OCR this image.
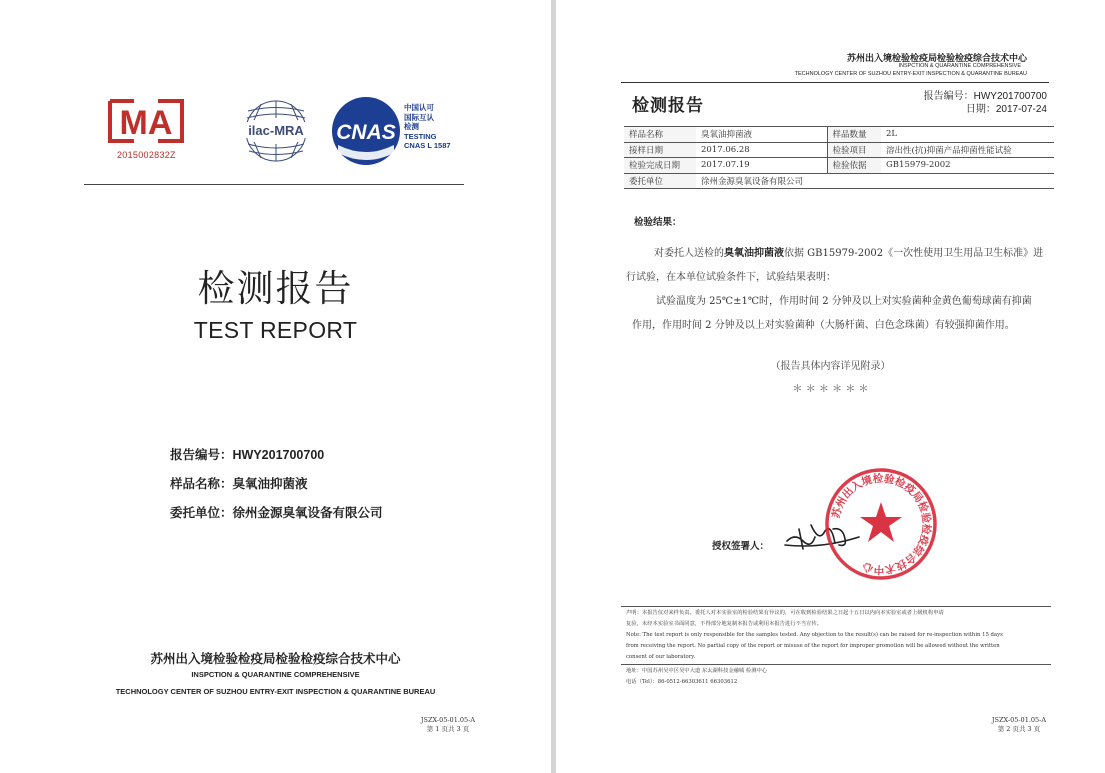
MA
2015002832Z
ilac-MRA CNAS
中国认可
国际互认
检测
TESTING
CNAS L 1587
检测报告
TEST REPORT
报告编号：HWY201700700
样品名称：臭氧油抑菌液
委托单位：徐州金源臭氧设备有限公司
苏州出入境检验检疫局检验检疫综合技术中心
INSPCTION & QUARANTINE COMPREHENSIVE
TECHNOLOGY CENTER OF SUZHOU ENTRY-EXIT INSPECTION & QUARANTINE BUREAU
JSZX-05-01.05-A
第 1 页共 3 页
苏州出入境检验检疫局检验检疫综合技术中心
INSPCTION & QUARANTINE COMPREHENSIVE
TECHNOLOGY CENTER OF SUZHOU ENTRY-EXIT INSPECTION & QUARANTINE BUREAU
检测报告	报告编号：HWY201700700
日期：2017-07-24
样品名称	臭氧油抑菌液	样品数量	2L
接样日期	2017.06.28	检验项目	溶出性(抗)抑菌产品抑菌性能试验
检验完成日期	2017.07.19	检验依据	GB15979-2002
委托单位	徐州金源臭氧设备有限公司		
检验结果：
对委托人送检的臭氧油抑菌液依据 GB15979-2002《一次性使用卫生用品卫生标准》进
行试验，在本单位试验条件下，试验结果表明：
试验温度为 25℃±1℃时，作用时间 2 分钟及以上对实验菌种金黄色葡萄球菌有抑菌
作用，作用时间 2 分钟及以上对实验菌种（大肠杆菌、白色念珠菌）有较强抑菌作用。
（报告具体内容详见附录）
＊ ＊ ＊ ＊ ＊ ＊
授权签署人：
苏州出入境检验检疫局检验检疫综合技术中心
声明：本报告仅对来样负责。委托人对本实验室的检验结果有异议的，可在收到检验结果之日起十五日以内向本实验室或者上级机构申请
复验，未经本实验室书面同意，不得部分地复制本报告或利用本报告进行不当宣传。
Note: The test report is only responsible for the samples tested. Any objection to the result(s) can be raised for re-inspection within 15 days
from receiving the report. No partial copy of the report or misuse of the report for improper promotion will be allowed without the written
consent of our laboratory.
地址：中国苏州吴中区吴中大道 东太湖科技金融城 检测中心
电话（Tel）：86-0512-66303611 66303612
JSZX-05-01.05-A
第 2 页共 3 页
